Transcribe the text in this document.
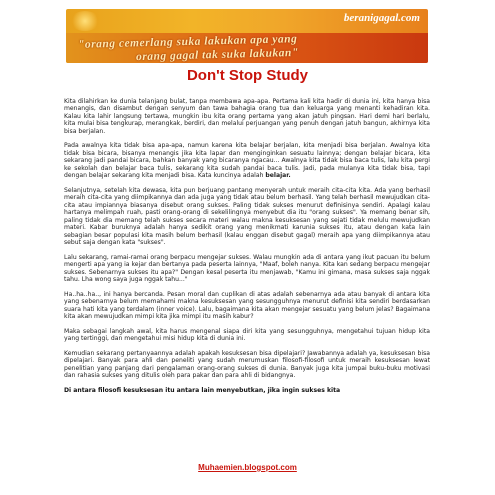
beranigagal.com
"orang cemerlang suka lakukan apa yang
orang gagal tak suka lakukan"
Don't Stop Study

Kita dilahirkan ke dunia telanjang bulat, tanpa membawa apa-apa. Pertama kali kita hadir di dunia ini, kita hanya bisa menangis, dan disambut dengan senyum dan tawa bahagia orang tua dan keluarga yang menanti kehadiran kita. Kalau kita lahir langsung tertawa, mungkin ibu kita orang pertama yang akan jatuh pingsan. Hari demi hari berlalu, kita mulai bisa tengkurap, merangkak, berdiri, dan melalui perjuangan yang penuh dengan jatuh bangun, akhirnya kita bisa berjalan.

Pada awalnya kita tidak bisa apa-apa, namun karena kita belajar berjalan, kita menjadi bisa berjalan. Awalnya kita tidak bisa bicara, bisanya menangis jika kita lapar dan menginginkan sesuatu lainnya; dengan belajar bicara, kita sekarang jadi pandai bicara, bahkan banyak yang bicaranya ngacau... Awalnya kita tidak bisa baca tulis, lalu kita pergi ke sekolah dan belajar baca tulis, sekarang kita sudah pandai baca tulis. Jadi, pada mulanya kita tidak bisa, tapi dengan belajar sekarang kita menjadi bisa. Kata kuncinya adalah belajar.

Selanjutnya, setelah kita dewasa, kita pun berjuang pantang menyerah untuk meraih cita-cita kita. Ada yang berhasil meraih cita-cita yang diimpikannya dan ada juga yang tidak atau belum berhasil. Yang telah berhasil mewujudkan cita-cita atau impiannya biasanya disebut orang sukses. Paling tidak sukses menurut definisinya sendiri. Apalagi kalau hartanya melimpah ruah, pasti orang-orang di sekelilingnya menyebut dia itu "orang sukses". Ya memang benar sih, paling tidak dia memang telah sukses secara materi walau makna kesuksesan yang sejati tidak melulu mewujudkan materi. Kabar buruknya adalah hanya sedikit orang yang menikmati karunia sukses itu, atau dengan kata lain sebagian besar populasi kita masih belum berhasil (kalau enggan disebut gagal) meraih apa yang diimpikannya atau sebut saja dengan kata "sukses".

Lalu sekarang, ramai-ramai orang berpacu mengejar sukses. Walau mungkin ada di antara yang ikut pacuan itu belum mengerti apa yang ia kejar dan bertanya pada peserta lainnya, "Maaf, boleh nanya. Kita kan sedang berpacu mengejar sukses. Sebenarnya sukses itu apa?" Dengan kesal peserta itu menjawab, "Kamu ini gimana, masa sukses saja nggak tahu. Lha wong saya juga nggak tahu..."

Ha..ha..ha.., ini hanya bercanda. Pesan moral dan cuplikan di atas adalah sebenarnya ada atau banyak di antara kita yang sebenarnya belum memahami makna kesuksesan yang sesungguhnya menurut definisi kita sendiri berdasarkan suara hati kita yang terdalam (inner voice). Lalu, bagaimana kita akan mengejar sesuatu yang belum jelas? Bagaimana kita akan mewujudkan mimpi kita jika mimpi itu masih kabur?

Maka sebagai langkah awal, kita harus mengenal siapa diri kita yang sesungguhnya, mengetahui tujuan hidup kita yang tertinggi, dan mengetahui misi hidup kita di dunia ini.

Kemudian sekarang pertanyaannya adalah apakah kesuksesan bisa dipelajari? Jawabannya adalah ya, kesuksesan bisa dipelajari. Banyak para ahli dan peneliti yang sudah merumuskan filosofi-filosofi untuk meraih kesuksesan lewat penelitian yang panjang dari pengalaman orang-orang sukses di dunia. Banyak juga kita jumpai buku-buku motivasi dan rahasia sukses yang ditulis oleh para pakar dan para ahli di bidangnya.

Di antara filosofi kesuksesan itu antara lain menyebutkan, jika ingin sukses kita

Muhaemien.blogspot.com
